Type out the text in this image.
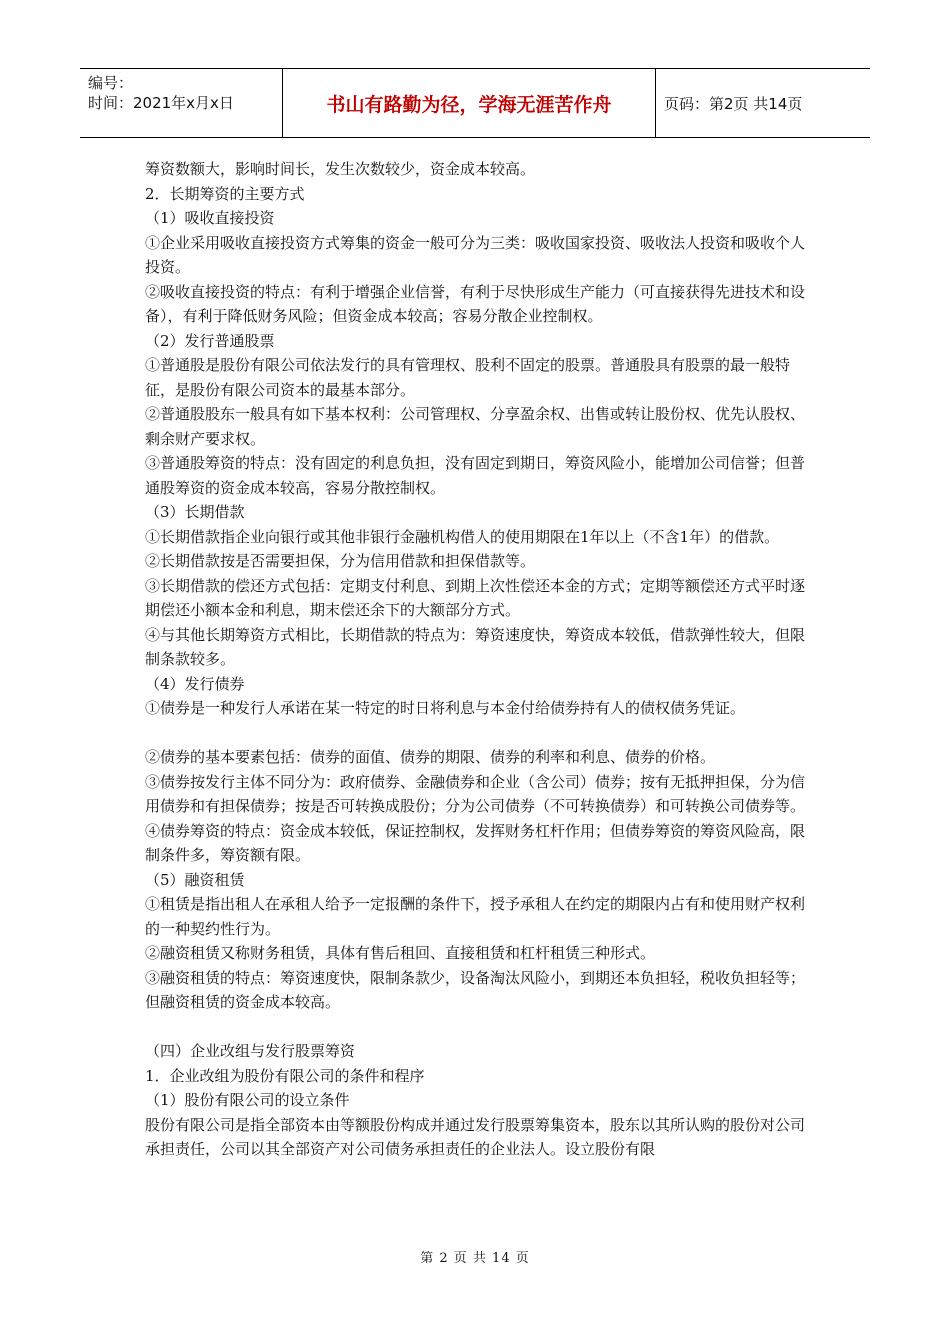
编号：
时间：2021年x月x日	书山有路勤为径，学海无涯苦作舟	页码：第2页 共14页

筹资数额大，影响时间长，发生次数较少，资金成本较高。

2．长期筹资的主要方式

（1）吸收直接投资

①企业采用吸收直接投资方式筹集的资金一般可分为三类：吸收国家投资、吸收法人投资和吸收个人投资。

②吸收直接投资的特点：有利于增强企业信誉，有利于尽快形成生产能力（可直接获得先进技术和设备），有利于降低财务风险；但资金成本较高；容易分散企业控制权。

（2）发行普通股票

①普通股是股份有限公司依法发行的具有管理权、股利不固定的股票。普通股具有股票的最一般特征，是股份有限公司资本的最基本部分。

②普通股股东一般具有如下基本权利：公司管理权、分享盈余权、出售或转让股份权、优先认股权、剩余财产要求权。

③普通股筹资的特点：没有固定的利息负担，没有固定到期日，筹资风险小，能增加公司信誉；但普通股筹资的资金成本较高，容易分散控制权。

（3）长期借款

①长期借款指企业向银行或其他非银行金融机构借人的使用期限在1年以上（不含1年）的借款。

②长期借款按是否需要担保，分为信用借款和担保借款等。

③长期借款的偿还方式包括：定期支付利息、到期上次性偿还本金的方式；定期等额偿还方式平时逐期偿还小额本金和利息，期末偿还余下的大额部分方式。

④与其他长期筹资方式相比，长期借款的特点为：筹资速度快，筹资成本较低，借款弹性较大，但限制条款较多。

（4）发行债券

①债券是一种发行人承诺在某一特定的时日将利息与本金付给债券持有人的债权债务凭证。

②债券的基本要素包括：债券的面值、债券的期限、债券的利率和利息、债券的价格。

③债券按发行主体不同分为：政府债券、金融债券和企业（含公司）债券；按有无抵押担保，分为信用债券和有担保债券；按是否可转换成股份；分为公司债券（不可转换债券）和可转换公司债券等。

④债券筹资的特点：资金成本较低，保证控制权，发挥财务杠杆作用；但债券筹资的筹资风险高，限制条件多，筹资额有限。

（5）融资租赁

①租赁是指出租人在承租人给予一定报酬的条件下，授予承租人在约定的期限内占有和使用财产权利的一种契约性行为。

②融资租赁又称财务租赁，具体有售后租回、直接租赁和杠杆租赁三种形式。

③融资租赁的特点：筹资速度快，限制条款少，设备淘汰风险小，到期还本负担轻，税收负担轻等；但融资租赁的资金成本较高。

（四）企业改组与发行股票筹资

1．企业改组为股份有限公司的条件和程序

（1）股份有限公司的设立条件

股份有限公司是指全部资本由等额股份构成并通过发行股票筹集资本，股东以其所认购的股份对公司承担责任，公司以其全部资产对公司债务承担责任的企业法人。设立股份有限

第 2 页 共 14 页
